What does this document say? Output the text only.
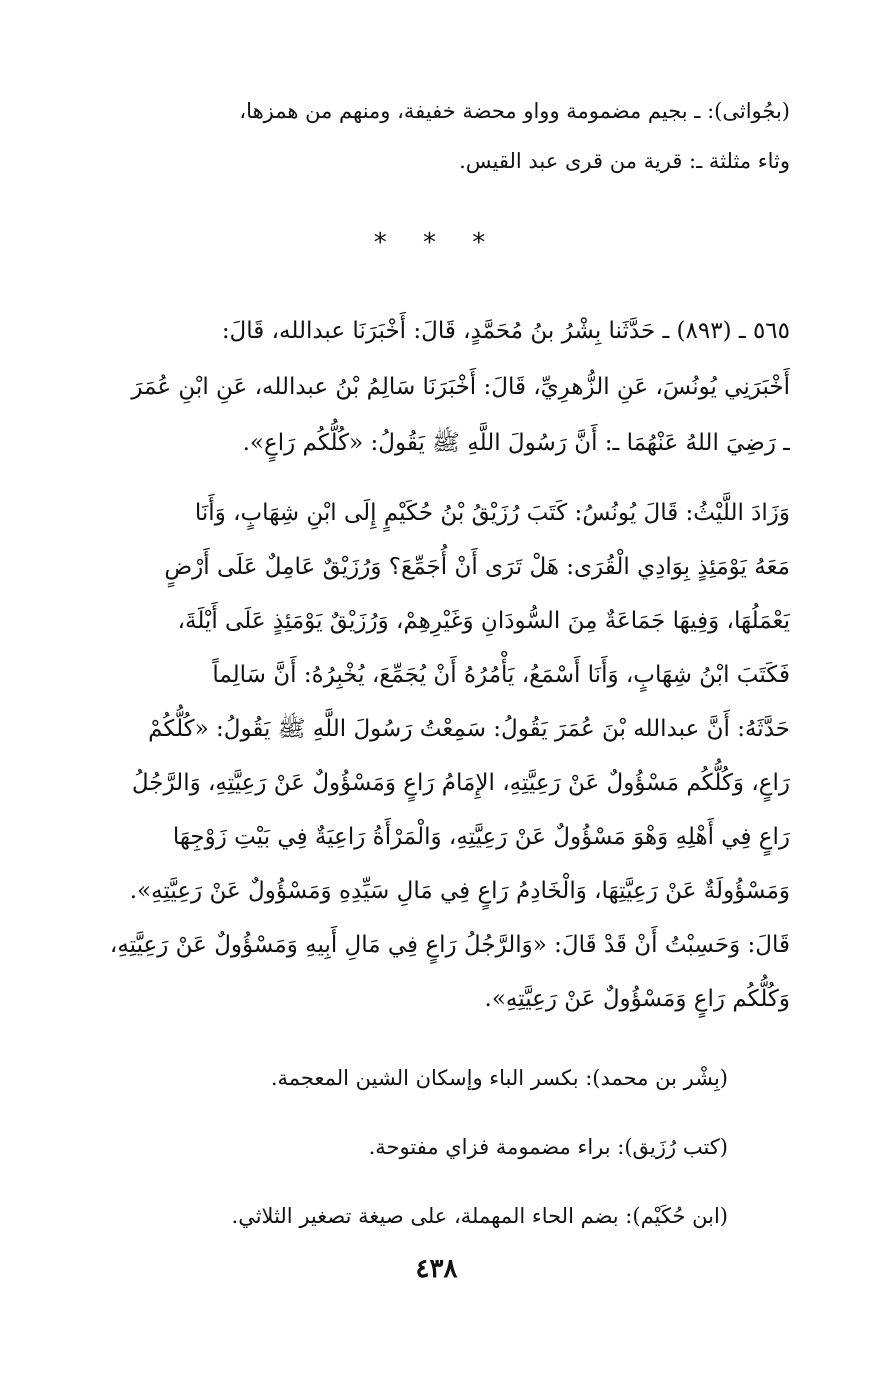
(بجُواثى): ـ بجيم مضمومة وواو محضة خفيفة، ومنهم من همزها،
وثاء مثلثة ـ: قرية من قرى عبد القيس.
* * *
٥٦٥ ـ (٨٩٣) ـ حَدَّثَنا بِشْرُ بنُ مُحَمَّدٍ، قَالَ: أَخْبَرَنَا عبدالله، قَالَ:
أَخْبَرَنِي يُونُسَ، عَنِ الزُّهرِيِّ، قَالَ: أَخْبَرَنَا سَالِمُ بْنُ عبدالله، عَنِ ابْنِ عُمَرَ
ـ رَضِيَ اللهُ عَنْهُمَا ـ: أَنَّ رَسُولَ اللَّهِ ﷺ يَقُولُ: «كُلُّكُم رَاعٍ».
وَزَادَ اللَّيْثُ: قَالَ يُونُسُ: كَتَبَ رُزَيْقُ بْنُ حُكَيْمٍ إِلَى ابْنِ شِهَابٍ، وَأَنَا
مَعَهُ يَوْمَئِذٍ بِوَادِي الْقُرَى: هَلْ تَرَى أَنْ أُجَمِّعَ؟ وَرُزَيْقٌ عَامِلٌ عَلَى أَرْضٍ
يَعْمَلُهَا، وَفِيهَا جَمَاعَةٌ مِنَ السُّودَانِ وَغَيْرِهِمْ، وَرُزَيْقٌ يَوْمَئِذٍ عَلَى أَيْلَةَ،
فَكَتَبَ ابْنُ شِهَابٍ، وَأَنَا أَسْمَعُ، يَأْمُرُهُ أَنْ يُجَمِّعَ، يُخْبِرُهُ: أَنَّ سَالِماً
حَدَّثَهُ: أَنَّ عبدالله بْنَ عُمَرَ يَقُولُ: سَمِعْتُ رَسُولَ اللَّهِ ﷺ يَقُولُ: «كُلُّكُمْ
رَاعٍ، وَكُلُّكُم مَسْؤُولٌ عَنْ رَعِيَّتِهِ، الإِمَامُ رَاعٍ وَمَسْؤُولٌ عَنْ رَعِيَّتِهِ، وَالرَّجُلُ
رَاعٍ فِي أَهْلِهِ وَهْوَ مَسْؤُولٌ عَنْ رَعِيَّتِهِ، وَالْمَرْأَةُ رَاعِيَةٌ فِي بَيْتِ زَوْجِهَا
وَمَسْؤُولَةٌ عَنْ رَعِيَّتِهَا، وَالْخَادِمُ رَاعٍ فِي مَالِ سَيِّدِهِ وَمَسْؤُولٌ عَنْ رَعِيَّتِهِ».
قَالَ: وَحَسِبْتُ أَنْ قَدْ قَالَ: «وَالرَّجُلُ رَاعٍ فِي مَالِ أَبِيهِ وَمَسْؤُولٌ عَنْ رَعِيَّتِهِ،
وَكُلُّكُم رَاعٍ وَمَسْؤُولٌ عَنْ رَعِيَّتِهِ».
(بِشْر بن محمد): بكسر الباء وإسكان الشين المعجمة.
(كتب رُزَيق): براء مضمومة فزاي مفتوحة.
(ابن حُكَيْم): بضم الحاء المهملة، على صيغة تصغير الثلاثي.
٤٣٨
